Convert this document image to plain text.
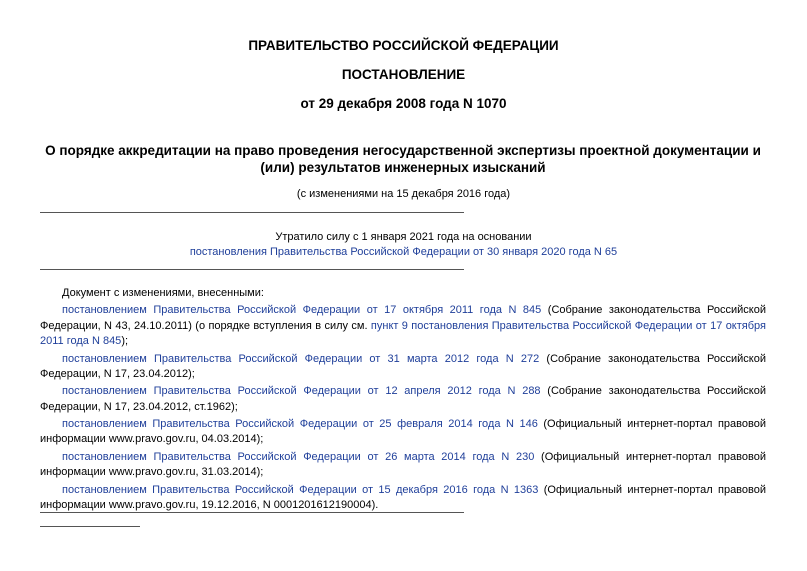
ПРАВИТЕЛЬСТВО РОССИЙСКОЙ ФЕДЕРАЦИИ
ПОСТАНОВЛЕНИЕ
от 29 декабря 2008 года N 1070
О порядке аккредитации на право проведения негосударственной экспертизы проектной документации и (или) результатов инженерных изысканий
(с изменениями на 15 декабря 2016 года)
Утратило силу с 1 января 2021 года на основании
постановления Правительства Российской Федерации от 30 января 2020 года N 65

Документ с изменениями, внесенными:

постановлением Правительства Российской Федерации от 17 октября 2011 года N 845 (Собрание законодательства Российской Федерации, N 43, 24.10.2011) (о порядке вступления в силу см. пункт 9 постановления Правительства Российской Федерации от 17 октября 2011 года N 845);

постановлением Правительства Российской Федерации от 31 марта 2012 года N 272 (Собрание законодательства Российской Федерации, N 17, 23.04.2012);

постановлением Правительства Российской Федерации от 12 апреля 2012 года N 288 (Собрание законодательства Российской Федерации, N 17, 23.04.2012, ст.1962);

постановлением Правительства Российской Федерации от 25 февраля 2014 года N 146 (Официальный интернет-портал правовой информации www.pravo.gov.ru, 04.03.2014);

постановлением Правительства Российской Федерации от 26 марта 2014 года N 230 (Официальный интернет-портал правовой информации www.pravo.gov.ru, 31.03.2014);

постановлением Правительства Российской Федерации от 15 декабря 2016 года N 1363 (Официальный интернет-портал правовой информации www.pravo.gov.ru, 19.12.2016, N 0001201612190004).
